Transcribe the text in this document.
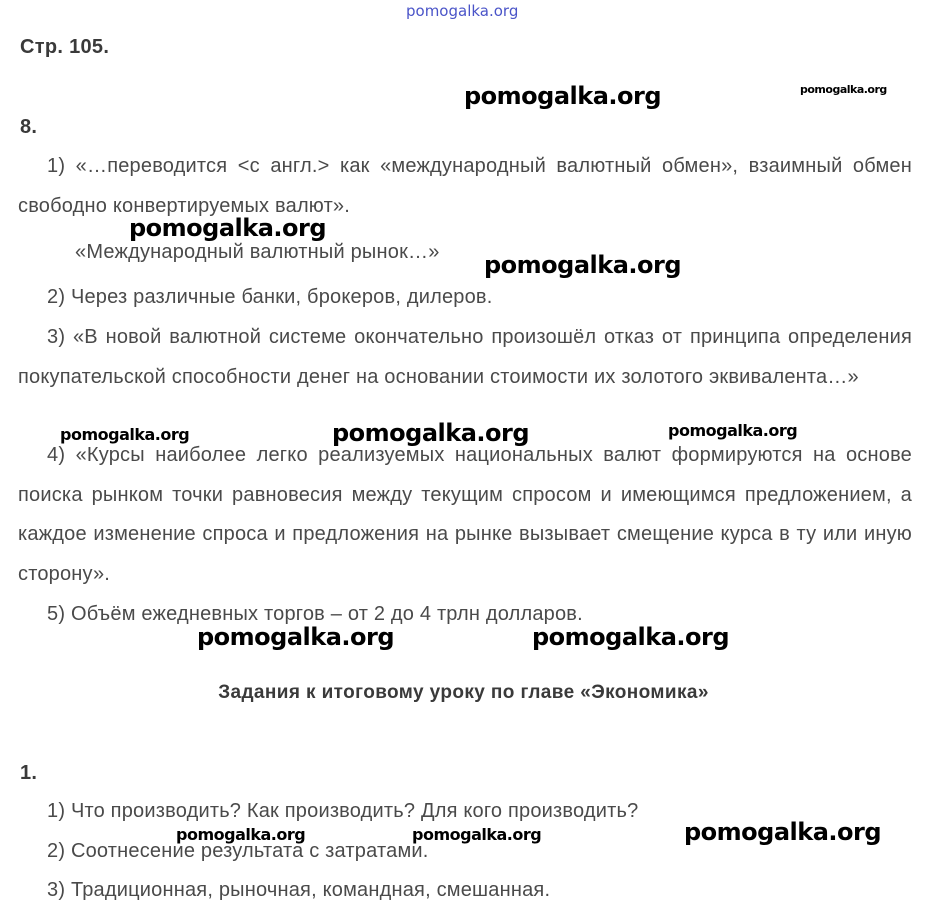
pomogalka.org
Стр. 105.
8.
1) «…переводится <с англ.> как «международный валютный обмен», взаимный обмен свободно конвертируемых валют».
«Международный валютный рынок…»
2) Через различные банки, брокеров, дилеров.
3) «В новой валютной системе окончательно произошёл отказ от принципа определения покупательской способности денег на основании стоимости их золотого эквивалента…»
4) «Курсы наиболее легко реализуемых национальных валют формируются на основе поиска рынком точки равновесия между текущим спросом и имеющимся предложением, а каждое изменение спроса и предложения на рынке вызывает смещение курса в ту или иную сторону».
5) Объём ежедневных торгов – от 2 до 4 трлн долларов.
Задания к итоговому уроку по главе «Экономика»
1.
1) Что производить? Как производить? Для кого производить?
2) Соотнесение результата с затратами.
3) Традиционная, рыночная, командная, смешанная.
pomogalka.org	pomogalka.org
pomogalka.org
pomogalka.org
pomogalka.org	pomogalka.org	pomogalka.org
pomogalka.org	pomogalka.org
pomogalka.org	pomogalka.org	pomogalka.org
